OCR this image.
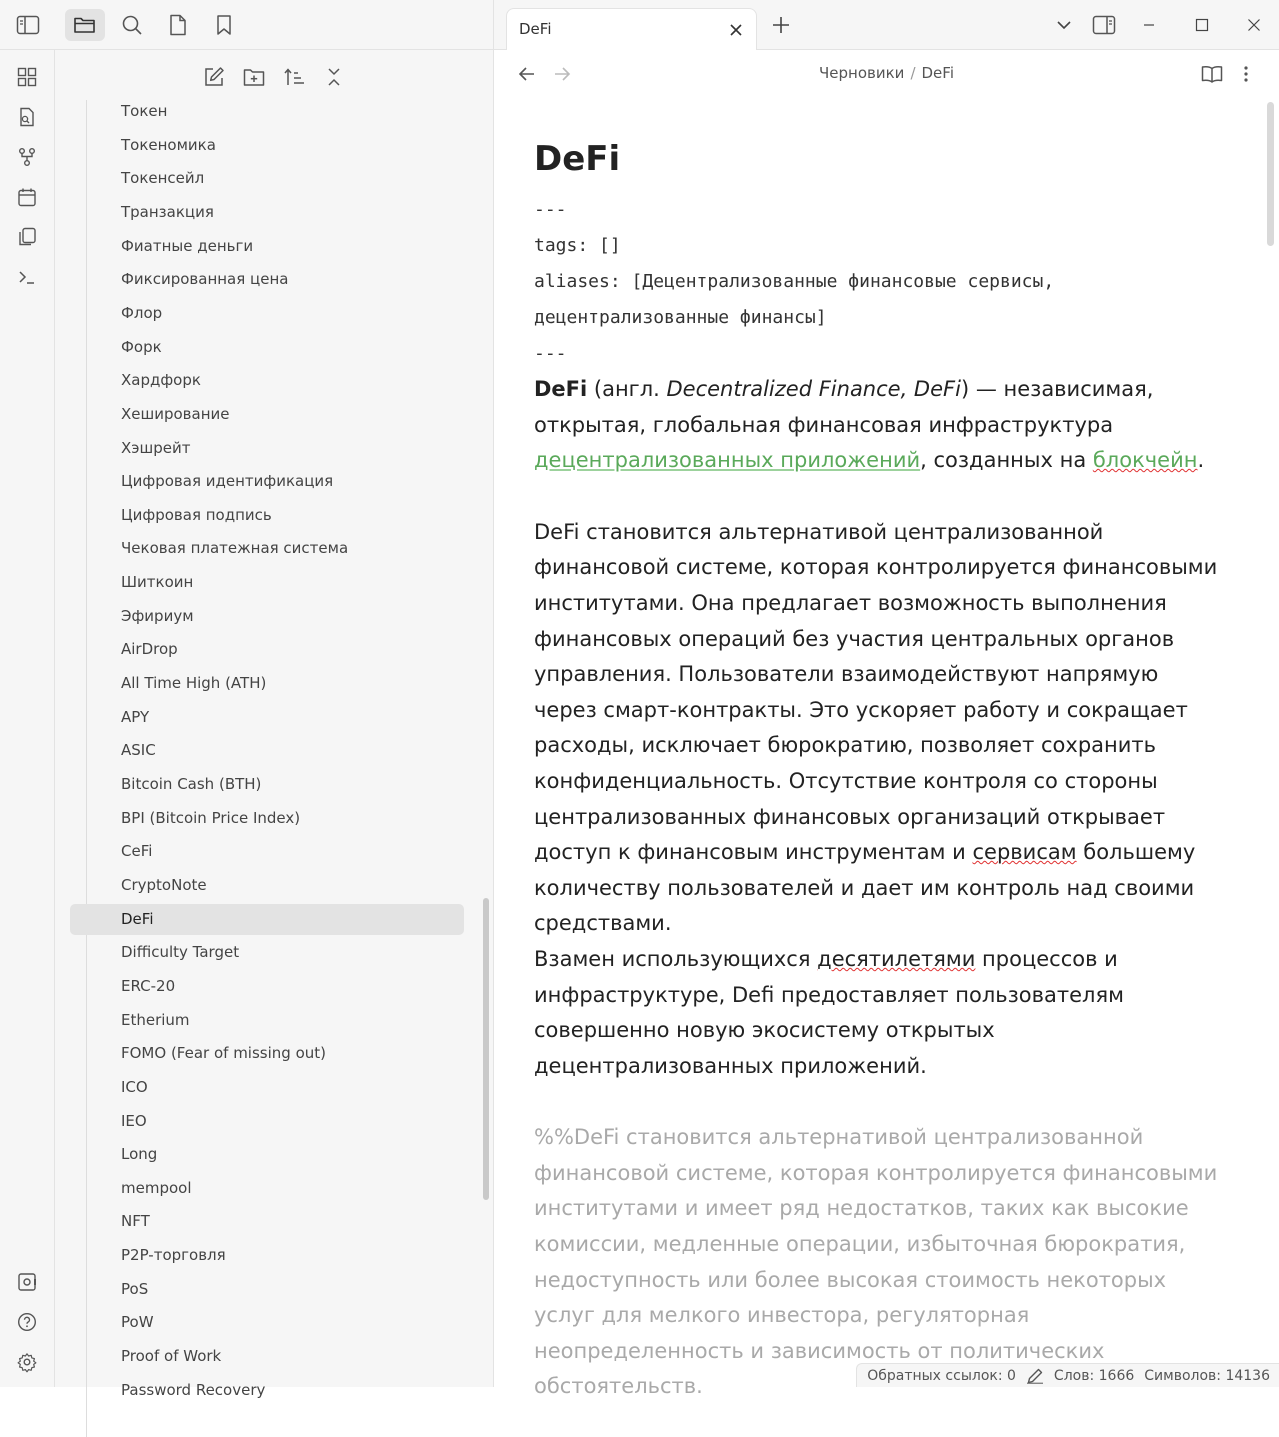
Токен
Токеномика
Токенсейл
Транзакция
Фиатные деньги
Фиксированная цена
Флор
Форк
Хардфорк
Хеширование
Хэшрейт
Цифровая идентификация
Цифровая подпись
Чековая платежная система
Шиткоин
Эфириум
AirDrop
All Time High (ATH)
APY
ASIC
Bitcoin Cash (BTH)
BPI (Bitcoin Price Index)
CeFi
CryptoNote
DeFi
Difficulty Target
ERC-20
Etherium
FOMO (Fear of missing out)
ICO
IEO
Long
mempool
NFT
P2P-торговля
PoS
PoW
Proof of Work
Password Recovery
DeFi
Черновики / DeFi
DeFi
---
tags: []
aliases: [Децентрализованные финансовые сервисы,
децентрализованные финансы]
---
DeFi (англ. Decentralized Finance, DeFi) — независимая, открытая, глобальная финансовая инфраструктура децентрализованных приложений, созданных на блокчейн.
DeFi становится альтернативой централизованной финансовой системе, которая контролируется финансовыми институтами. Она предлагает возможность выполнения финансовых операций без участия центральных органов управления. Пользователи взаимодействуют напрямую через смарт-контракты. Это ускоряет работу и сокращает расходы, исключает бюрократию, позволяет сохранить конфиденциальность. Отсутствие контроля со стороны централизованных финансовых организаций открывает доступ к финансовым инструментам и сервисам большему количеству пользователей и дает им контроль над своими средствами.
Взамен использующихся десятилетями процессов и инфраструктуре, Defi предоставляет пользователям совершенно новую экосистему открытых децентрализованных приложений.
%%DeFi становится альтернативой централизованной финансовой системе, которая контролируется финансовыми институтами и имеет ряд недостатков, таких как высокие комиссии, медленные операции, избыточная бюрократия, недоступность или более высокая стоимость некоторых услуг для мелкого инвестора, регуляторная неопределенность и зависимость от политических обстоятельств.	Обратных ссылок: 0	Слов: 1666 Символов: 14136
